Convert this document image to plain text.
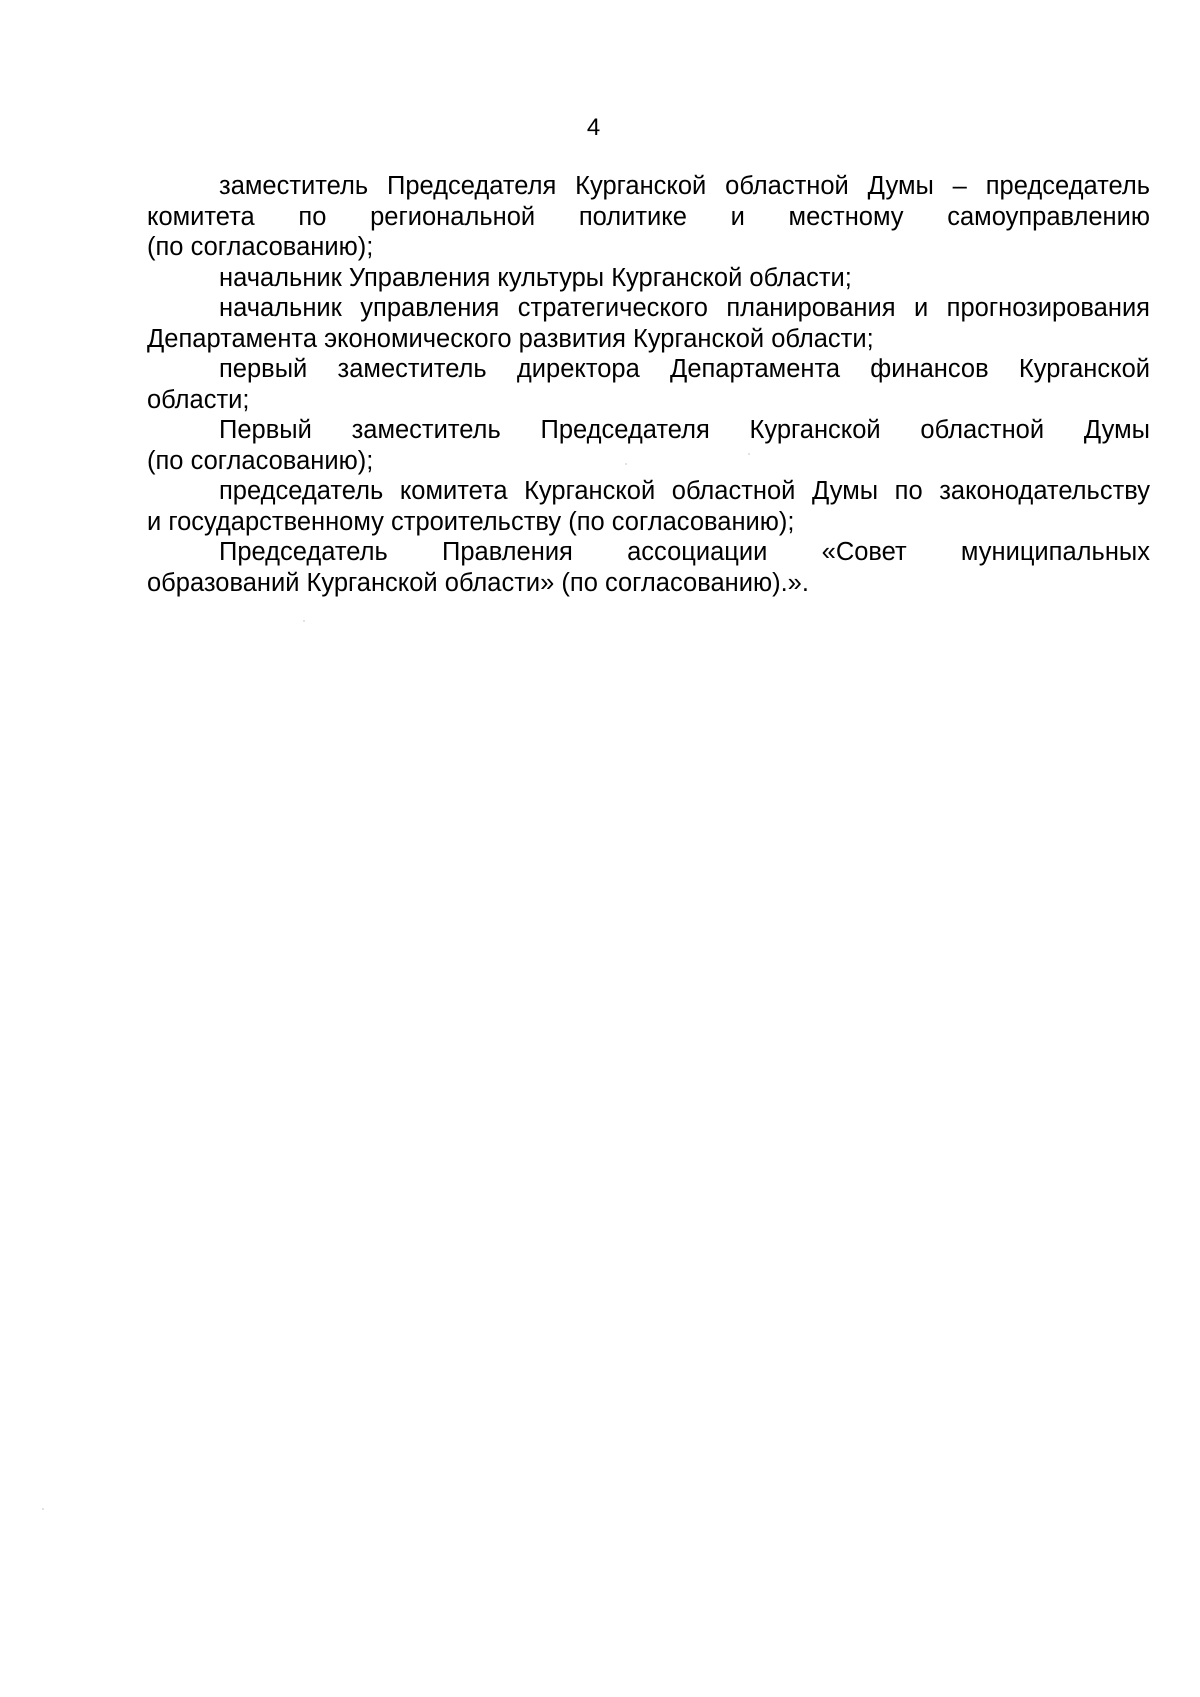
4

заместитель Председателя Курганской областной Думы – председатель
комитета по региональной политике и местному самоуправлению
(по согласованию);

начальник Управления культуры Курганской области;

начальник управления стратегического планирования и прогнозирования
Департамента экономического развития Курганской области;

первый заместитель директора Департамента финансов Курганской
области;

Первый заместитель Председателя Курганской областной Думы
(по согласованию);

председатель комитета Курганской областной Думы по законодательству
и государственному строительству (по согласованию);

Председатель Правления ассоциации «Совет муниципальных
образований Курганской области» (по согласованию).».
